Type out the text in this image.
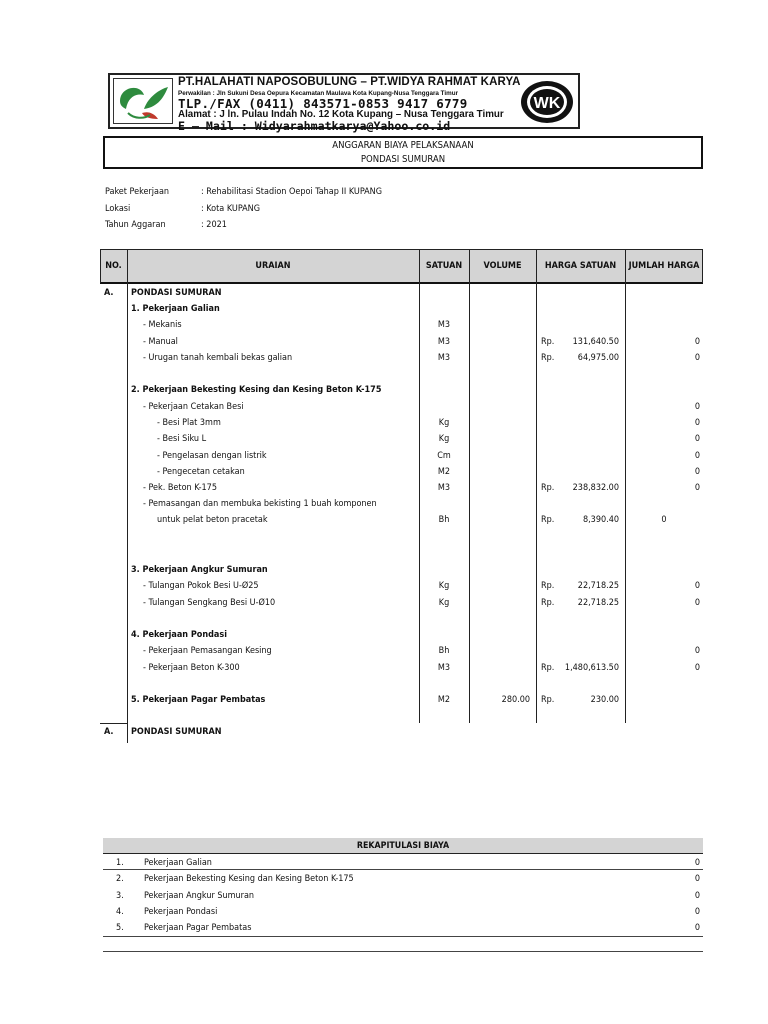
PT.HALAHATI NAPOSOBULUNG – PT.WIDYA RAHMAT KARYA
Perwakilan : Jln Sukuni Desa Oepura Kecamatan Maulava Kota Kupang-Nusa Tenggara Timur
TLP./FAX (0411) 843571-0853 9417 6779
Alamat : J ln. Pulau Indah No. 12 Kota Kupang – Nusa Tenggara Timur
E – Mail : Widyarahmatkarya@Yahoo.co.id
WK
ANGGARAN BIAYA PELAKSANAAN
PONDASI SUMURAN
Paket Pekerjaan	: Rehabilitasi Stadion Oepoi Tahap II KUPANG
Lokasi	: Kota KUPANG
Tahun Aggaran	: 2021
NO.	URAIAN	SATUAN	VOLUME	HARGA SATUAN	JUMLAH HARGA
A. PONDASI SUMURAN
1. Pekerjaan Galian
- Mekanis	M3
- Manual	M3	Rp.	131,640.50	0
- Urugan tanah kembali bekas galian	M3	Rp.	64,975.00	0
2. Pekerjaan Bekesting Kesing dan Kesing Beton K-175
- Pekerjaan Cetakan Besi	0
- Besi Plat 3mm	Kg	0
- Besi Siku L	Kg	0
- Pengelasan dengan listrik	Cm	0
- Pengecetan cetakan	M2	0
- Pek. Beton K-175	M3	Rp.	238,832.00	0
- Pemasangan dan membuka bekisting 1 buah komponen
untuk pelat beton pracetak	Bh	Rp.	8,390.40	0
3. Pekerjaan Angkur Sumuran
- Tulangan Pokok Besi U-Ø25	Kg	Rp.	22,718.25	0
- Tulangan Sengkang Besi U-Ø10	Kg	Rp.	22,718.25	0
4. Pekerjaan Pondasi
- Pekerjaan Pemasangan Kesing	Bh	0
- Pekerjaan Beton K-300	M3	Rp.	1,480,613.50	0
5. Pekerjaan Pagar Pembatas	M2	280.00 Rp.	230.00
A. PONDASI SUMURAN
REKAPITULASI BIAYA
1. Pekerjaan Galian	0
2. Pekerjaan Bekesting Kesing dan Kesing Beton K-175	0
3. Pekerjaan Angkur Sumuran	0
4. Pekerjaan Pondasi	0
5. Pekerjaan Pagar Pembatas	0
